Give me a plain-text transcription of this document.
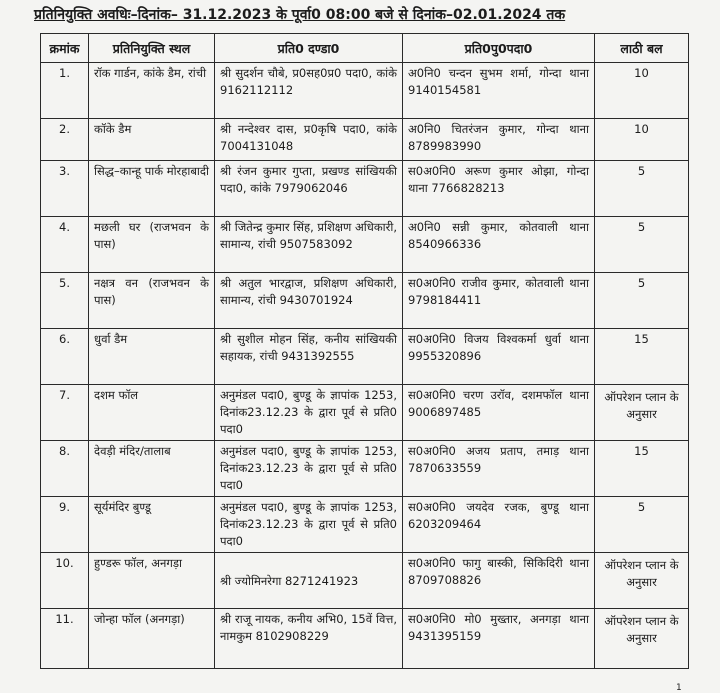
प्रतिनियुक्ति अवधिः–दिनांक– 31.12.2023 के पूर्वा0 08:00 बजे से दिनांक–02.01.2024 तक
क्रमांक	प्रतिनियुक्ति स्थल	प्रति0 दण्डा0	प्रति0पु0पदा0	लाठी बल
1.	रॉक गार्डन, कांके डैम, रांची	श्री सुदर्शन चौबे, प्र0सह0प्र0 पदा0, कांके 9162112112	अ0नि0 चन्दन सुभम शर्मा, गोन्दा थाना 9140154581	10
2.	कॉके डैम	श्री नन्देश्वर दास, प्र0कृषि पदा0, कांके 7004131048	अ0नि0 चितरंजन कुमार, गोन्दा थाना 8789983990	10
3.	सिद्ध–कान्हू पार्क मोरहाबादी	श्री रंजन कुमार गुप्ता, प्रखण्ड सांखियकी पदा0, कांके 7979062046	स0अ0नि0 अरूण कुमार ओझा, गोन्दा थाना 7766828213	5
4.	मछली घर (राजभवन के पास)	श्री जितेन्द्र कुमार सिंह, प्रशिक्षण अधिकारी, सामान्य, रांची 9507583092	अ0नि0 सन्नी कुमार, कोतवाली थाना 8540966336	5
5.	नक्षत्र वन (राजभवन के पास)	श्री अतुल भारद्वाज, प्रशिक्षण अधिकारी, सामान्य, रांची 9430701924	स0अ0नि0 राजीव कुमार, कोतवाली थाना 9798184411	5
6.	धुर्वा डैम	श्री सुशील मोहन सिंह, कनीय सांखियकी सहायक, रांची 9431392555	स0अ0नि0 विजय विश्वकर्मा धुर्वा थाना 9955320896	15
7.	दशम फॉल	अनुमंडल पदा0, बुण्डू के ज्ञापांक 1253, दिनांक23.12.23 के द्वारा पूर्व से प्रति0 पदा0	स0अ0नि0 चरण उरॉव, दशमफॉल थाना 9006897485	ऑपरेशन प्लान के अनुसार
8.	देवड़ी मंदिर/तालाब	अनुमंडल पदा0, बुण्डू के ज्ञापांक 1253, दिनांक23.12.23 के द्वारा पूर्व से प्रति0 पदा0	स0अ0नि0 अजय प्रताप, तमाड़ थाना 7870633559	15
9.	सूर्यमंदिर बुण्डू	अनुमंडल पदा0, बुण्डू के ज्ञापांक 1253, दिनांक23.12.23 के द्वारा पूर्व से प्रति0 पदा0	स0अ0नि0 जयदेव रजक, बुण्डू थाना 6203209464	5
10.	हुण्डरू फॉल, अनगड़ा	श्री ज्योमिनरेगा 8271241923	स0अ0नि0 फागु बास्की, सिकिदिरी थाना 8709708826	ऑपरेशन प्लान के अनुसार
11.	जोन्हा फॉल (अनगड़ा)	श्री राजू नायक, कनीय अभि0, 15वें वित्त, नामकुम 8102908229	स0अ0नि0 मो0 मुख्तार, अनगड़ा थाना 9431395159	ऑपरेशन प्लान के अनुसार
1
